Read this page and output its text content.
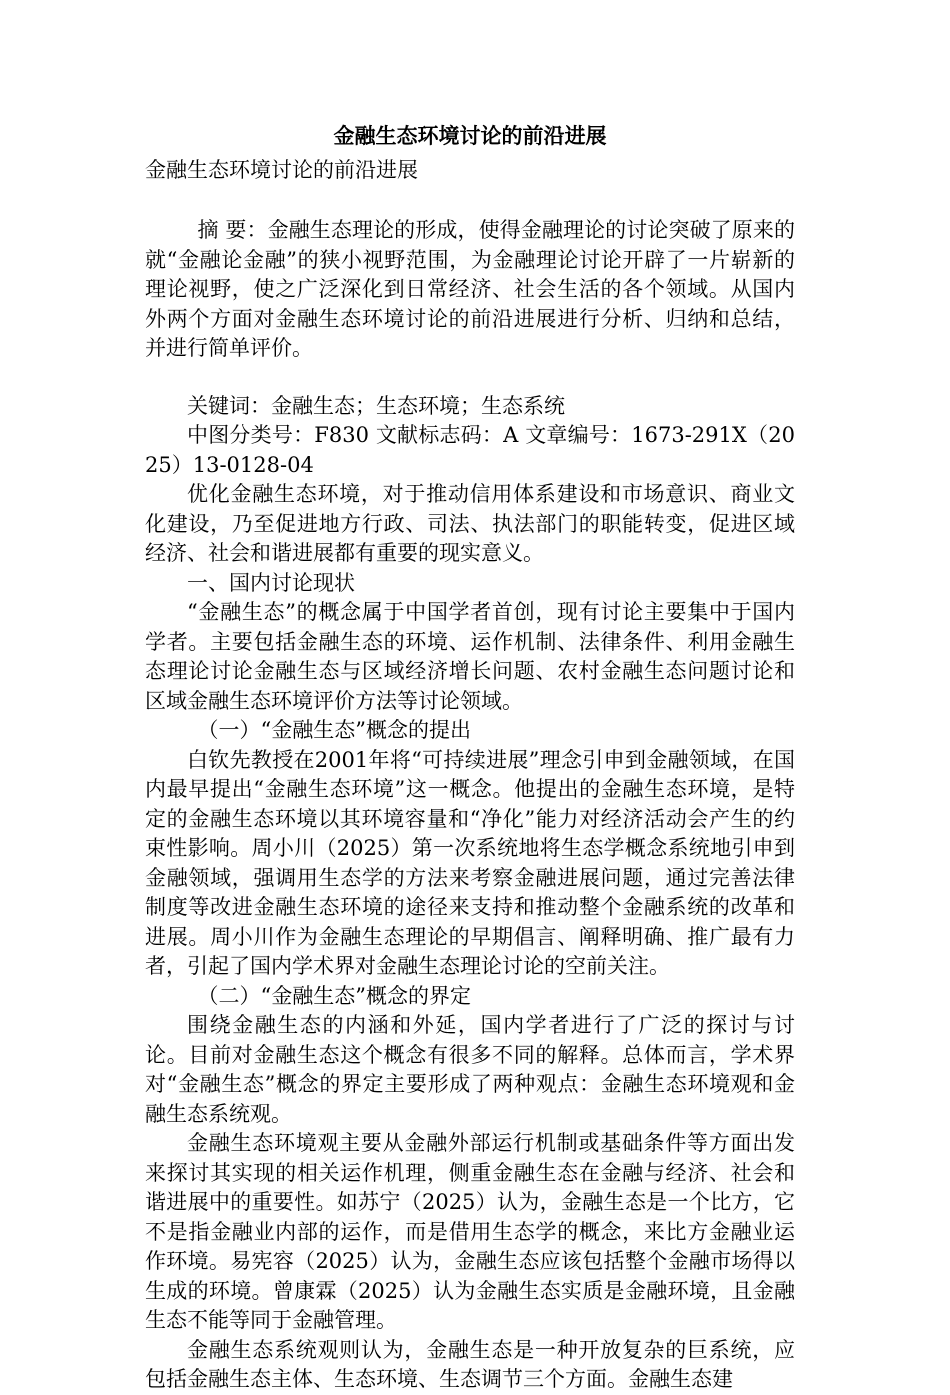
金融生态环境讨论的前沿进展
金融生态环境讨论的前沿进展

摘 要：金融生态理论的形成，使得金融理论的讨论突破了原来的就“金融论金融”的狭小视野范围，为金融理论讨论开辟了一片崭新的理论视野，使之广泛深化到日常经济、社会生活的各个领域。从国内外两个方面对金融生态环境讨论的前沿进展进行分析、归纳和总结，并进行简单评价。

关键词：金融生态；生态环境；生态系统

中图分类号：F830 文献标志码：A 文章编号：1673-291X（2025）13-0128-04

优化金融生态环境，对于推动信用体系建设和市场意识、商业文化建设，乃至促进地方行政、司法、执法部门的职能转变，促进区域经济、社会和谐进展都有重要的现实意义。

一、国内讨论现状

“金融生态”的概念属于中国学者首创，现有讨论主要集中于国内学者。主要包括金融生态的环境、运作机制、法律条件、利用金融生态理论讨论金融生态与区域经济增长问题、农村金融生态问题讨论和区域金融生态环境评价方法等讨论领域。

（一）“金融生态”概念的提出

白钦先教授在2001年将“可持续进展”理念引申到金融领域，在国内最早提出“金融生态环境”这一概念。他提出的金融生态环境，是特定的金融生态环境以其环境容量和“净化”能力对经济活动会产生的约束性影响。周小川（2025）第一次系统地将生态学概念系统地引申到金融领域，强调用生态学的方法来考察金融进展问题，通过完善法律制度等改进金融生态环境的途径来支持和推动整个金融系统的改革和进展。周小川作为金融生态理论的早期倡言、阐释明确、推广最有力者，引起了国内学术界对金融生态理论讨论的空前关注。

（二）“金融生态”概念的界定

围绕金融生态的内涵和外延，国内学者进行了广泛的探讨与讨论。目前对金融生态这个概念有很多不同的解释。总体而言，学术界对“金融生态”概念的界定主要形成了两种观点：金融生态环境观和金融生态系统观。

金融生态环境观主要从金融外部运行机制或基础条件等方面出发来探讨其实现的相关运作机理，侧重金融生态在金融与经济、社会和谐进展中的重要性。如苏宁（2025）认为，金融生态是一个比方，它不是指金融业内部的运作，而是借用生态学的概念，来比方金融业运作环境。易宪容（2025）认为，金融生态应该包括整个金融市场得以生成的环境。曾康霖（2025）认为金融生态实质是金融环境，且金融生态不能等同于金融管理。

金融生态系统观则认为，金融生态是一种开放复杂的巨系统，应包括金融生态主体、生态环境、生态调节三个方面。金融生态建
